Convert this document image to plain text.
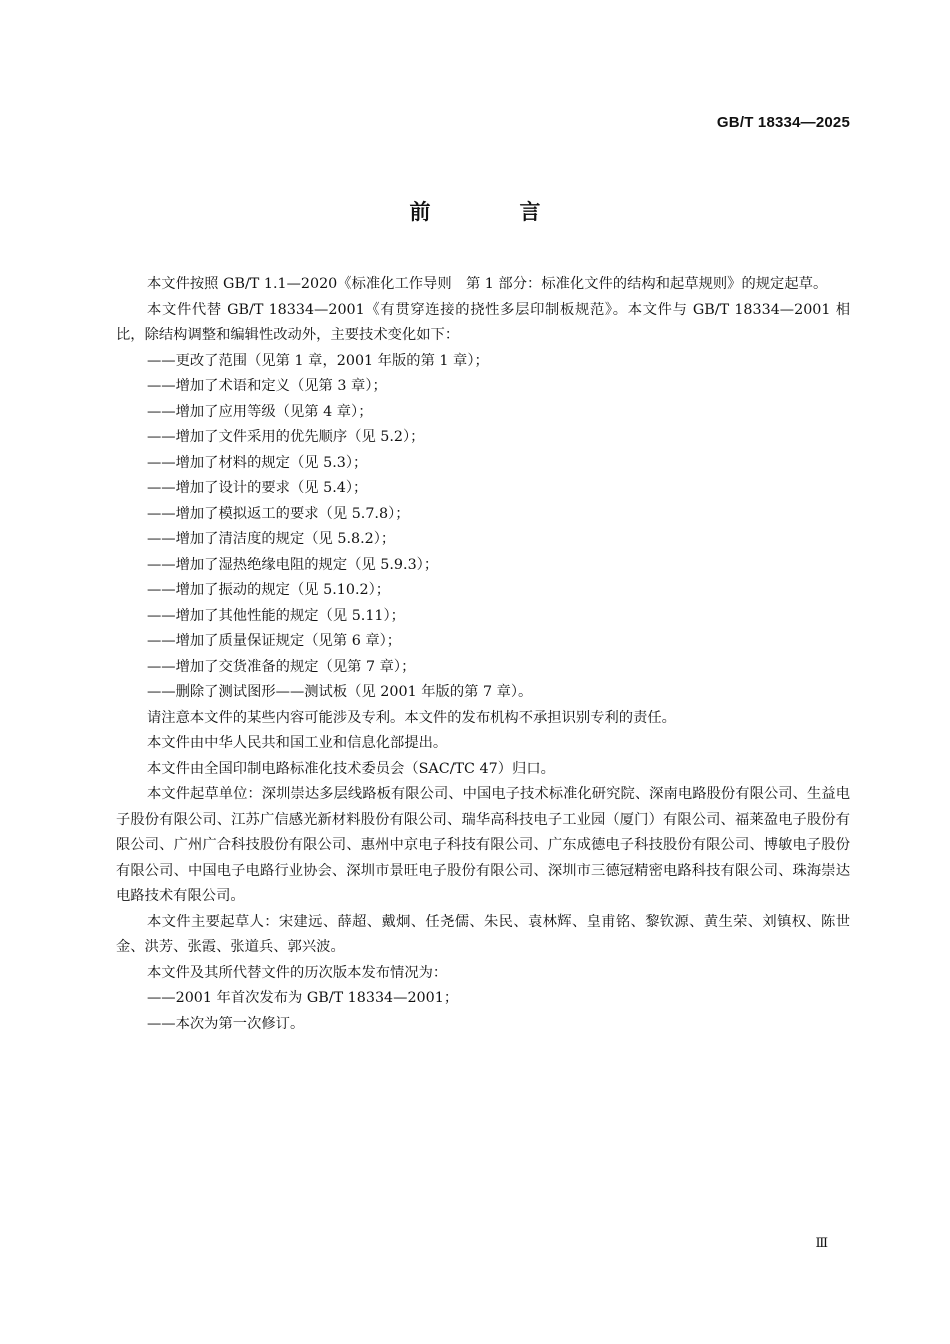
GB/T 18334—2025
前　言

本文件按照 GB/T 1.1—2020《标准化工作导则　第 1 部分：标准化文件的结构和起草规则》的规定起草。

本文件代替 GB/T 18334—2001《有贯穿连接的挠性多层印制板规范》。本文件与 GB/T 18334—2001 相比，除结构调整和编辑性改动外，主要技术变化如下：

——更改了范围（见第 1 章，2001 年版的第 1 章）；

——增加了术语和定义（见第 3 章）；

——增加了应用等级（见第 4 章）；

——增加了文件采用的优先顺序（见 5.2）；

——增加了材料的规定（见 5.3）；

——增加了设计的要求（见 5.4）；

——增加了模拟返工的要求（见 5.7.8）；

——增加了清洁度的规定（见 5.8.2）；

——增加了湿热绝缘电阻的规定（见 5.9.3）；

——增加了振动的规定（见 5.10.2）；

——增加了其他性能的规定（见 5.11）；

——增加了质量保证规定（见第 6 章）；

——增加了交货准备的规定（见第 7 章）；

——删除了测试图形——测试板（见 2001 年版的第 7 章）。

请注意本文件的某些内容可能涉及专利。本文件的发布机构不承担识别专利的责任。

本文件由中华人民共和国工业和信息化部提出。

本文件由全国印制电路标准化技术委员会（SAC/TC 47）归口。

本文件起草单位：深圳崇达多层线路板有限公司、中国电子技术标准化研究院、深南电路股份有限公司、生益电子股份有限公司、江苏广信感光新材料股份有限公司、瑞华高科技电子工业园（厦门）有限公司、福莱盈电子股份有限公司、广州广合科技股份有限公司、惠州中京电子科技有限公司、广东成德电子科技股份有限公司、博敏电子股份有限公司、中国电子电路行业协会、深圳市景旺电子股份有限公司、深圳市三德冠精密电路科技有限公司、珠海崇达电路技术有限公司。

本文件主要起草人：宋建远、薛超、戴炯、任尧儒、朱民、袁林辉、皇甫铭、黎钦源、黄生荣、刘镇权、陈世金、洪芳、张霞、张道兵、郭兴波。

本文件及其所代替文件的历次版本发布情况为：

——2001 年首次发布为 GB/T 18334—2001；

——本次为第一次修订。

Ⅲ
